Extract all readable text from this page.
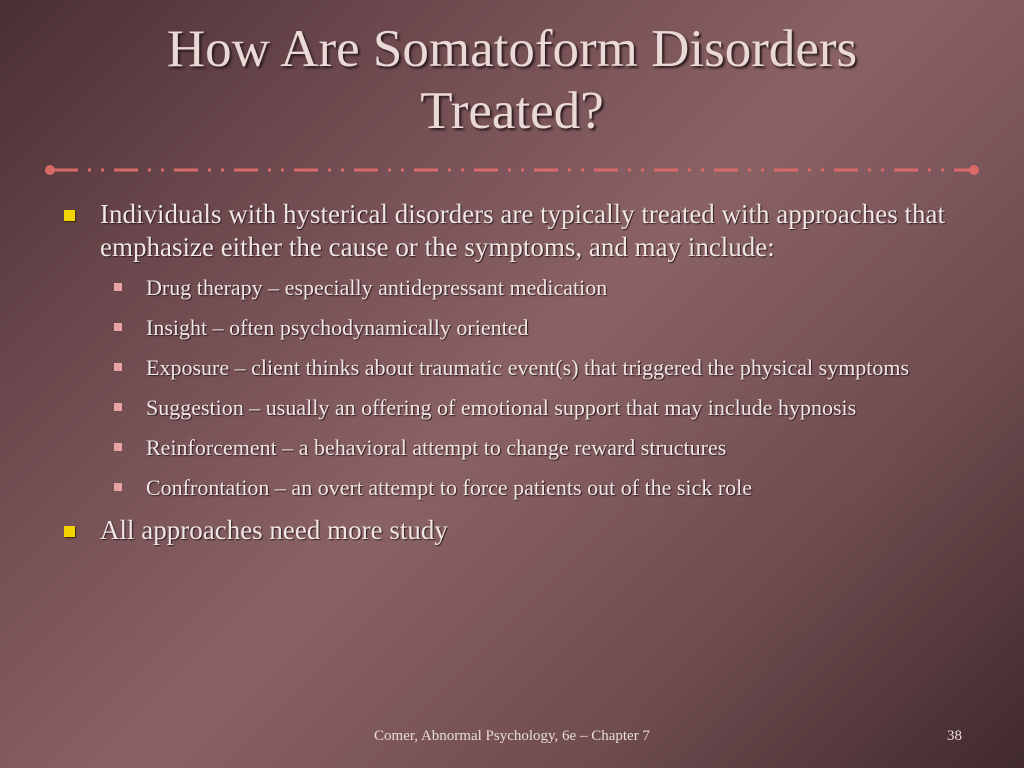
How Are Somatoform Disorders
Treated?
Individuals with hysterical disorders are typically treated with approaches that emphasize either the cause or the symptoms, and may include:
Drug therapy – especially antidepressant medication
Insight – often psychodynamically oriented
Exposure – client thinks about traumatic event(s) that triggered the physical symptoms
Suggestion – usually an offering of emotional support that may include hypnosis
Reinforcement – a behavioral attempt to change reward structures
Confrontation – an overt attempt to force patients out of the sick role
All approaches need more study
Comer, Abnormal Psychology, 6e – Chapter 7	38
